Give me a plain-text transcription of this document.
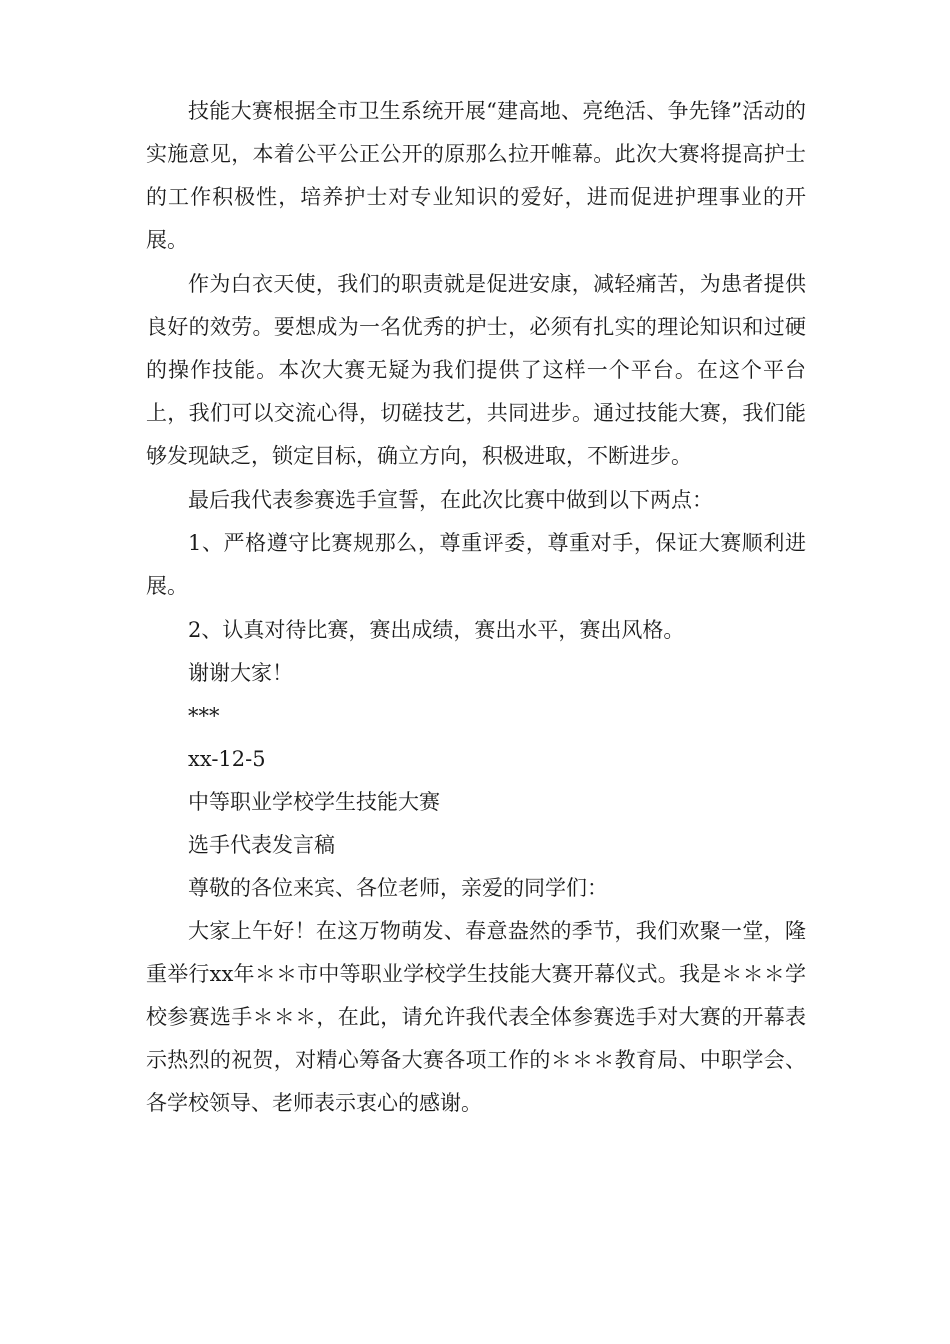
技能大赛根据全市卫生系统开展“建高地、亮绝活、争先锋”活动的实施意见，本着公平公正公开的原那么拉开帷幕。此次大赛将提高护士的工作积极性，培养护士对专业知识的爱好，进而促进护理事业的开展。

作为白衣天使，我们的职责就是促进安康，减轻痛苦，为患者提供良好的效劳。要想成为一名优秀的护士，必须有扎实的理论知识和过硬的操作技能。本次大赛无疑为我们提供了这样一个平台。在这个平台上，我们可以交流心得，切磋技艺，共同进步。通过技能大赛，我们能够发现缺乏，锁定目标，确立方向，积极进取，不断进步。

最后我代表参赛选手宣誓，在此次比赛中做到以下两点：

1、严格遵守比赛规那么，尊重评委，尊重对手，保证大赛顺利进展。

2、认真对待比赛，赛出成绩，赛出水平，赛出风格。

谢谢大家！

***

xx-12-5

中等职业学校学生技能大赛

选手代表发言稿

尊敬的各位来宾、各位老师，亲爱的同学们：

大家上午好！在这万物萌发、春意盎然的季节，我们欢聚一堂，隆重举行xx年＊＊市中等职业学校学生技能大赛开幕仪式。我是＊＊＊学校参赛选手＊＊＊，在此，请允许我代表全体参赛选手对大赛的开幕表示热烈的祝贺，对精心筹备大赛各项工作的＊＊＊教育局、中职学会、各学校领导、老师表示衷心的感谢。
